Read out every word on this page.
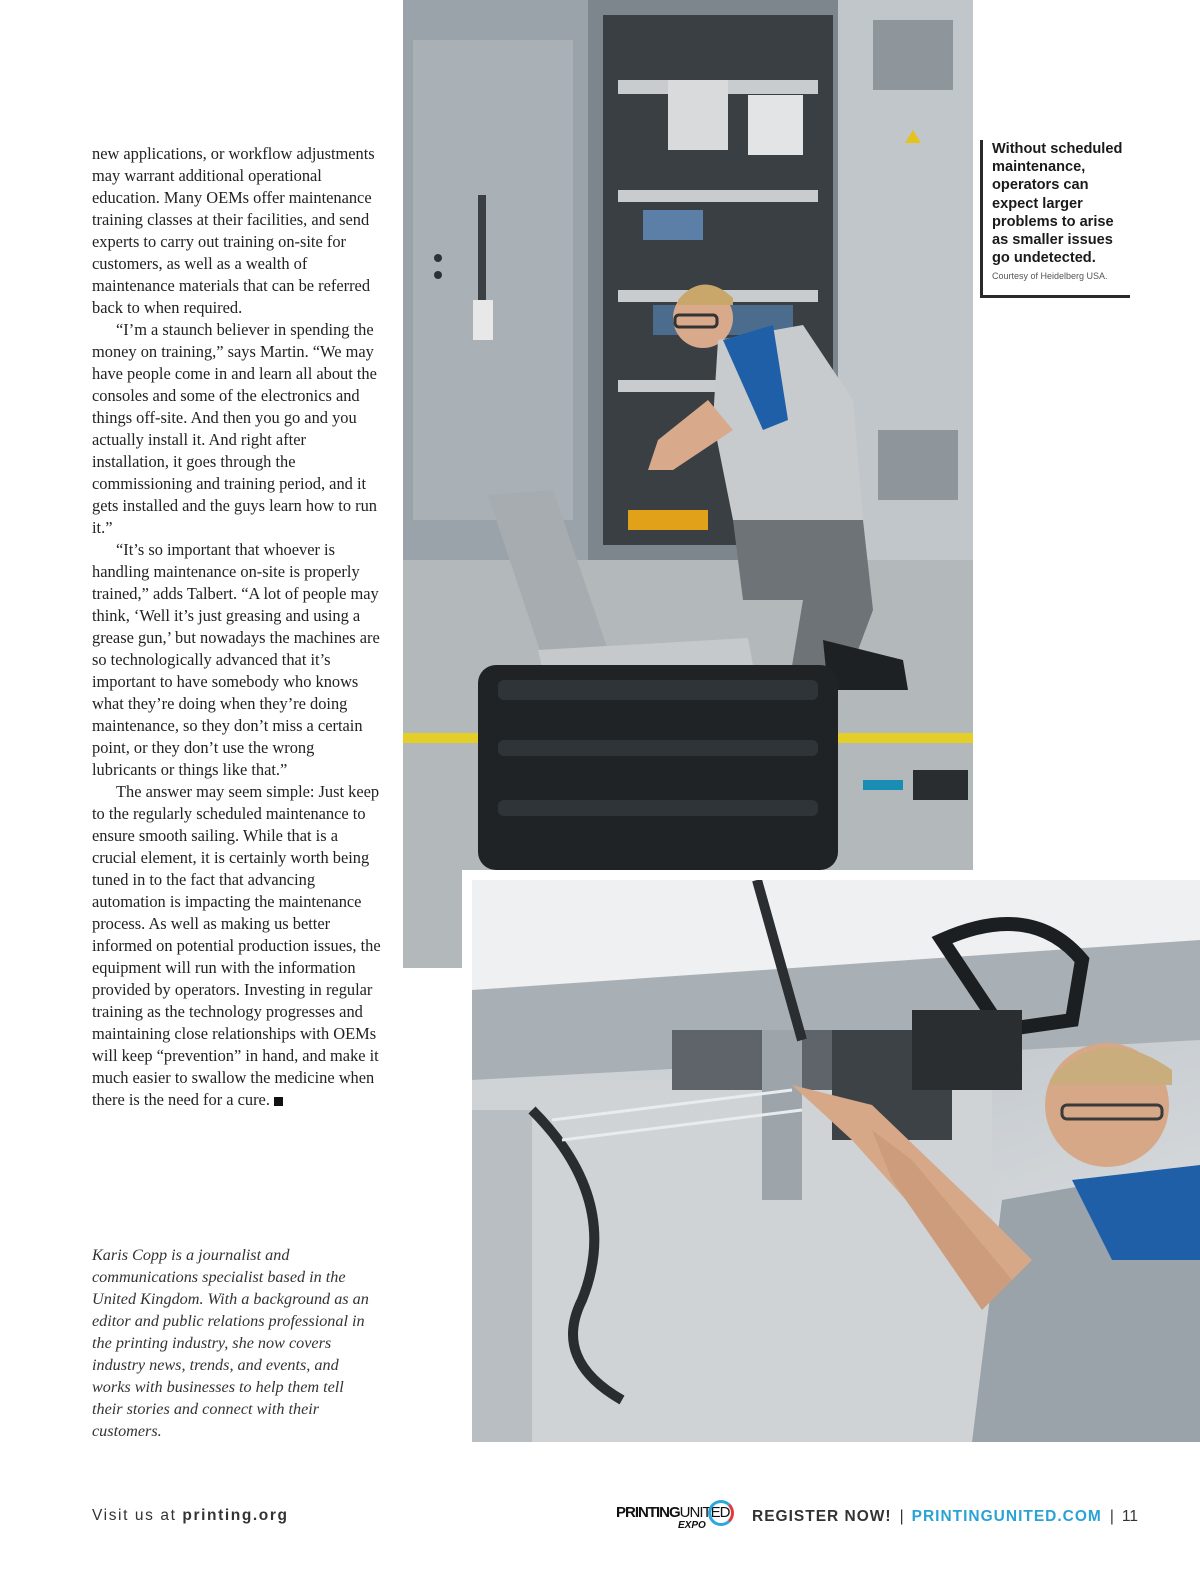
new applications, or workflow adjustments may warrant additional operational education. Many OEMs offer maintenance training classes at their facilities, and send experts to carry out training on-site for customers, as well as a wealth of maintenance materials that can be referred back to when required.

“I’m a staunch believer in spending the money on training,” says Martin. “We may have people come in and learn all about the consoles and some of the electronics and things off-site. And then you go and you actually install it. And right after installation, it goes through the commissioning and training period, and it gets installed and the guys learn how to run it.”

“It’s so important that whoever is handling maintenance on-site is properly trained,” adds Talbert. “A lot of people may think, ‘Well it’s just greasing and using a grease gun,’ but nowadays the machines are so technologically advanced that it’s important to have somebody who knows what they’re doing when they’re doing maintenance, so they don’t miss a certain point, or they don’t use the wrong lubricants or things like that.”

The answer may seem simple: Just keep to the regularly scheduled maintenance to ensure smooth sailing. While that is a crucial element, it is certainly worth being tuned in to the fact that advancing automation is impacting the maintenance process. As well as making us better informed on potential production issues, the equipment will run with the information provided by operators. Investing in regular training as the technology progresses and maintaining close relationships with OEMs will keep “prevention” in hand, and make it much easier to swallow the medicine when there is the need for a cure.

Karis Copp is a journalist and communications specialist based in the United Kingdom. With a background as an editor and public relations professional in the printing industry, she now covers industry news, trends, and events, and works with businesses to help them tell their stories and connect with their customers.

Without scheduled maintenance, operators can expect larger problems to arise as smaller issues go undetected.

Courtesy of Heidelberg USA.
Visit us at printing.org	PRINTINGUNITED
EXPO
REGISTER NOW! | PRINTINGUNITED.COM | 11
